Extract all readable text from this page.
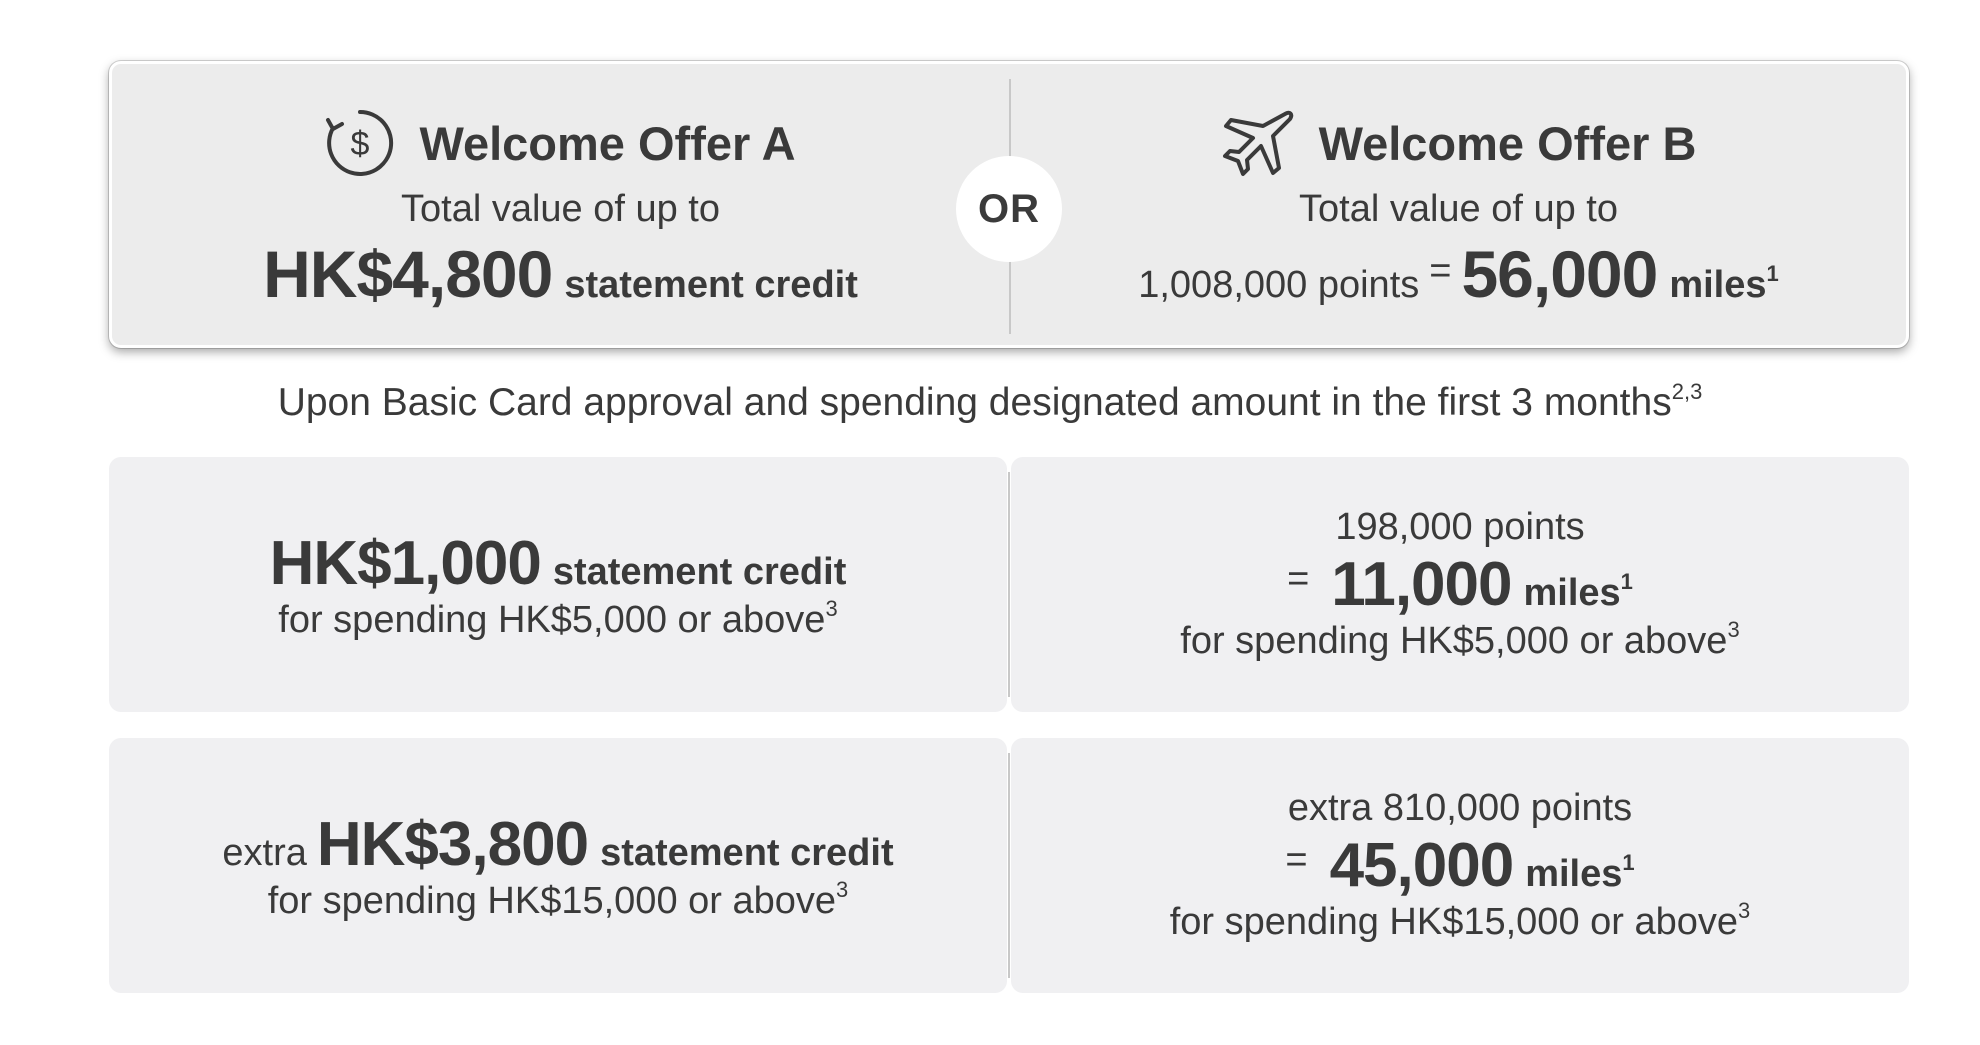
$ Welcome Offer A
Total value of up to
HK$4,800 statement credit
OR
Welcome Offer B
Total value of up to
1,008,000 points = 56,000 miles$^1$
Upon Basic Card approval and spending designated amount in the first 3 months$^{2,3}$
HK$1,000 statement credit
for spending HK$5,000 or above$^3$
198,000 points
= 11,000 miles$^1$
for spending HK$5,000 or above$^3$
extra HK$3,800 statement credit
for spending HK$15,000 or above$^3$
extra 810,000 points
= 45,000 miles$^1$
for spending HK$15,000 or above$^3$
